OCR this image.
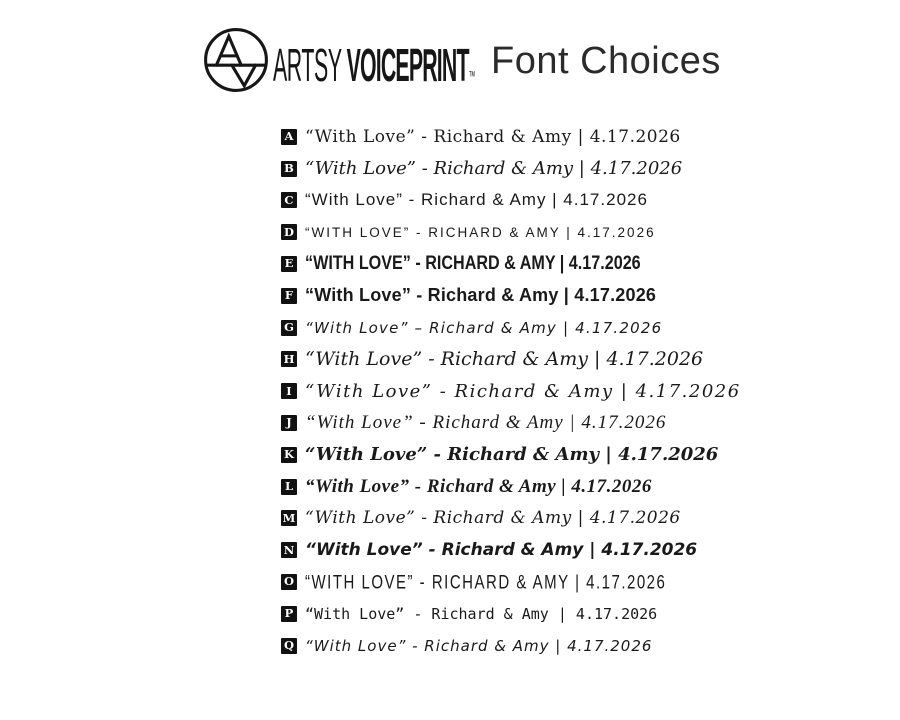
ARTSY VOICEPRINT™ Font Choices
A “With Love” - Richard & Amy | 4.17.2026
B “With Love” - Richard & Amy | 4.17.2026
C “With Love” - Richard & Amy | 4.17.2026
D “WITH LOVE” - RICHARD & AMY | 4.17.2026
E “WITH LOVE” - RICHARD & AMY | 4.17.2026
F “With Love” - Richard & Amy | 4.17.2026
G “With Love” – Richard & Amy | 4.17.2026
H “With Love” - Richard & Amy | 4.17.2026
I “With Love” - Richard & Amy | 4.17.2026
J “With Love” - Richard & Amy | 4.17.2026
K “With Love” - Richard & Amy | 4.17.2026
L “With Love” - Richard & Amy | 4.17.2026
M “With Love” - Richard & Amy | 4.17.2026
N “With Love” - Richard & Amy | 4.17.2026
O “WITH LOVE” - RICHARD & AMY | 4.17.2026
P “With Love” - Richard & Amy | 4.17.2026
Q “With Love” - Richard & Amy | 4.17.2026
